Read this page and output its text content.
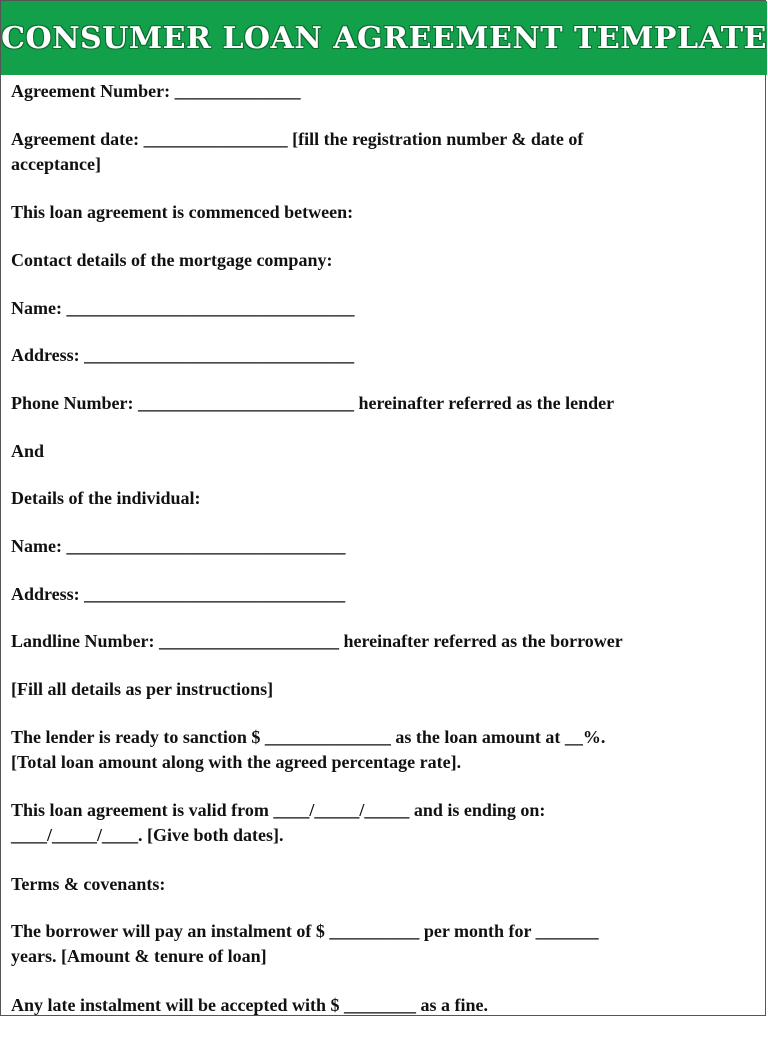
CONSUMER LOAN AGREEMENT TEMPLATE
Agreement Number: ______________
Agreement date: ________________ [fill the registration number & date of
acceptance]
This loan agreement is commenced between:
Contact details of the mortgage company:
Name: ________________________________
Address: ______________________________
Phone Number: ________________________ hereinafter referred as the lender
And
Details of the individual:
Name: _______________________________
Address: _____________________________
Landline Number: ____________________ hereinafter referred as the borrower
[Fill all details as per instructions]
The lender is ready to sanction $ ______________ as the loan amount at __%.
[Total loan amount along with the agreed percentage rate].
This loan agreement is valid from ____/_____/_____ and is ending on:
____/_____/____. [Give both dates].
Terms & covenants:
The borrower will pay an instalment of $ __________ per month for _______
years. [Amount & tenure of loan]
Any late instalment will be accepted with $ ________ as a fine.
